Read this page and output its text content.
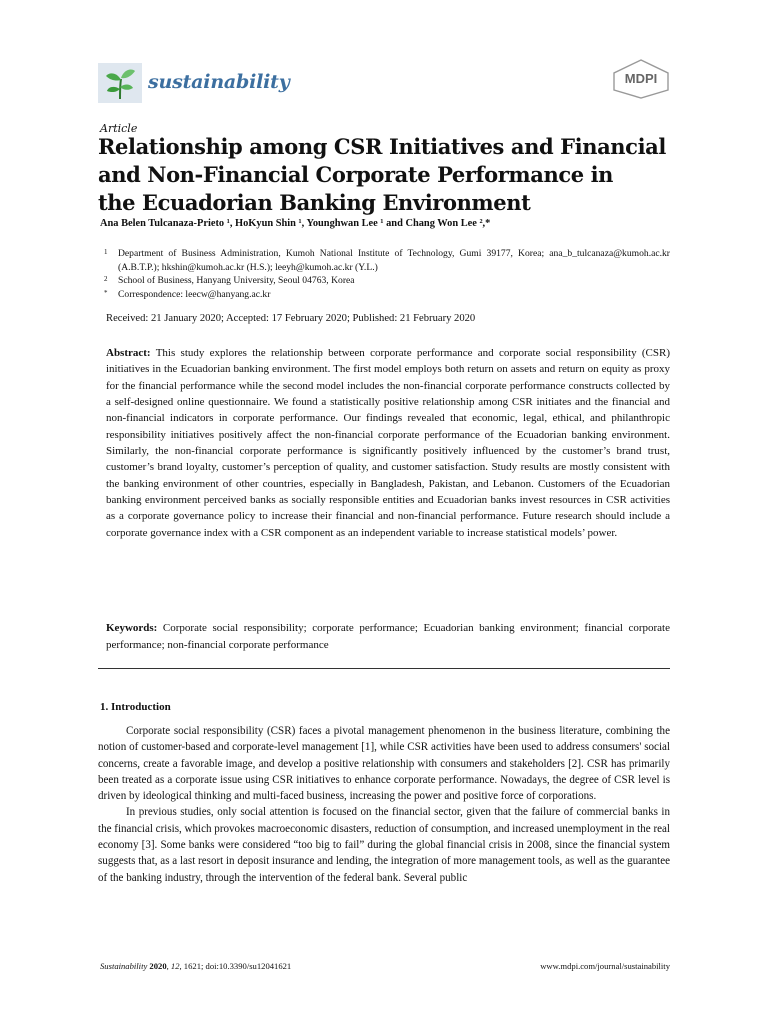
sustainability	MDPI
Article
Relationship among CSR Initiatives and Financial
and Non-Financial Corporate Performance in
the Ecuadorian Banking Environment
Ana Belen Tulcanaza-Prieto ¹, HoKyun Shin ¹, Younghwan Lee ¹ and Chang Won Lee ²,*
1 Department of Business Administration, Kumoh National Institute of Technology, Gumi 39177, Korea; ana_b_tulcanaza@kumoh.ac.kr (A.B.T.P.); hkshin@kumoh.ac.kr (H.S.); leeyh@kumoh.ac.kr (Y.L.)
2 School of Business, Hanyang University, Seoul 04763, Korea
* Correspondence: leecw@hanyang.ac.kr
Received: 21 January 2020; Accepted: 17 February 2020; Published: 21 February 2020
Abstract: This study explores the relationship between corporate performance and corporate social responsibility (CSR) initiatives in the Ecuadorian banking environment. The first model employs both return on assets and return on equity as proxy for the financial performance while the second model includes the non-financial corporate performance constructs collected by a self-designed online questionnaire. We found a statistically positive relationship among CSR initiates and the financial and non-financial indicators in corporate performance. Our findings revealed that economic, legal, ethical, and philanthropic responsibility initiatives positively affect the non-financial corporate performance of the Ecuadorian banking environment. Similarly, the non-financial corporate performance is significantly positively influenced by the customer’s brand trust, customer’s brand loyalty, customer’s perception of quality, and customer satisfaction. Study results are mostly consistent with the banking environment of other countries, especially in Bangladesh, Pakistan, and Lebanon. Customers of the Ecuadorian banking environment perceived banks as socially responsible entities and Ecuadorian banks invest resources in CSR activities as a corporate governance policy to increase their financial and non-financial performance. Future research should include a corporate governance index with a CSR component as an independent variable to increase statistical models’ power.
Keywords: Corporate social responsibility; corporate performance; Ecuadorian banking environment; financial corporate performance; non-financial corporate performance
1. Introduction

Corporate social responsibility (CSR) faces a pivotal management phenomenon in the business literature, combining the notion of customer-based and corporate-level management [1], while CSR activities have been used to address consumers' social concerns, create a favorable image, and develop a positive relationship with consumers and stakeholders [2]. CSR has primarily been treated as a corporate issue using CSR initiatives to enhance corporate performance. Nowadays, the degree of CSR level is driven by ideological thinking and multi-faced business, increasing the power and positive force of corporations.

In previous studies, only social attention is focused on the financial sector, given that the failure of commercial banks in the financial crisis, which provokes macroeconomic disasters, reduction of consumption, and increased unemployment in the real economy [3]. Some banks were considered “too big to fail” during the global financial crisis in 2008, since the financial system suggests that, as a last resort in deposit insurance and lending, the integration of more management tools, as well as the guarantee of the banking industry, through the intervention of the federal bank. Several public

Sustainability 2020, 12, 1621; doi:10.3390/su12041621	www.mdpi.com/journal/sustainability
